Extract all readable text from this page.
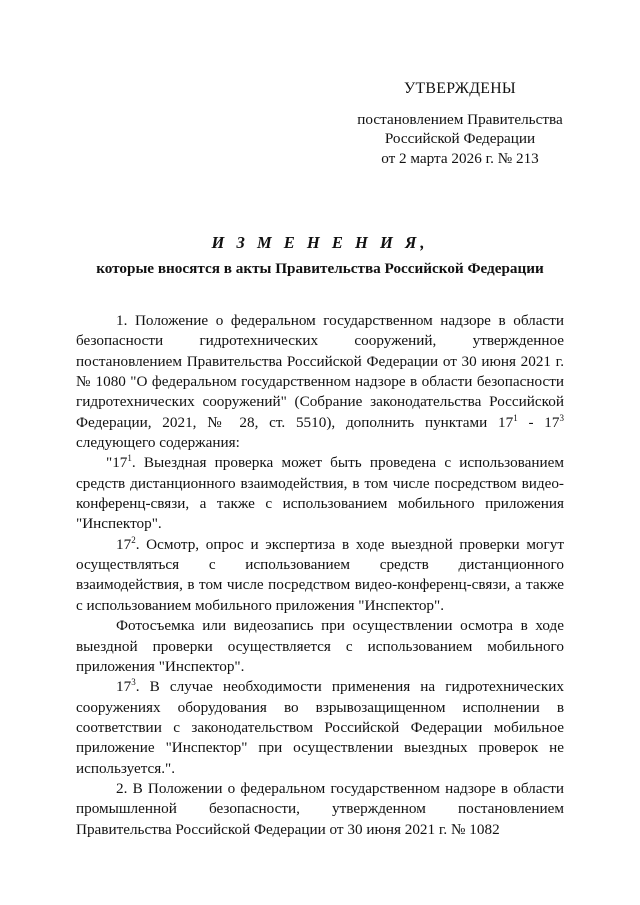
УТВЕРЖДЕНЫ
постановлением Правительства
Российской Федерации
от 2 марта 2026 г. № 213
И З М Е Н Е Н И Я,
которые вносятся в акты Правительства Российской Федерации

1. Положение о федеральном государственном надзоре в области безопасности гидротехнических сооружений, утвержденное постановлением Правительства Российской Федерации от 30 июня 2021 г. № 1080 "О федеральном государственном надзоре в области безопасности гидротехнических сооружений" (Собрание законодательства Российской Федерации, 2021, № 28, ст. 5510), дополнить пунктами $17^1 - 17^3$ следующего содержания:

"$17^1$. Выездная проверка может быть проведена с использованием средств дистанционного взаимодействия, в том числе посредством видео-конференц-связи, а также с использованием мобильного приложения "Инспектор".

$17^2$. Осмотр, опрос и экспертиза в ходе выездной проверки могут осуществляться с использованием средств дистанционного взаимодействия, в том числе посредством видео-конференц-связи, а также с использованием мобильного приложения "Инспектор".

Фотосъемка или видеозапись при осуществлении осмотра в ходе выездной проверки осуществляется с использованием мобильного приложения "Инспектор".

$17^3$. В случае необходимости применения на гидротехнических сооружениях оборудования во взрывозащищенном исполнении в соответствии с законодательством Российской Федерации мобильное приложение "Инспектор" при осуществлении выездных проверок не используется.".

2. В Положении о федеральном государственном надзоре в области промышленной безопасности, утвержденном постановлением Правительства Российской Федерации от 30 июня 2021 г. № 1082
